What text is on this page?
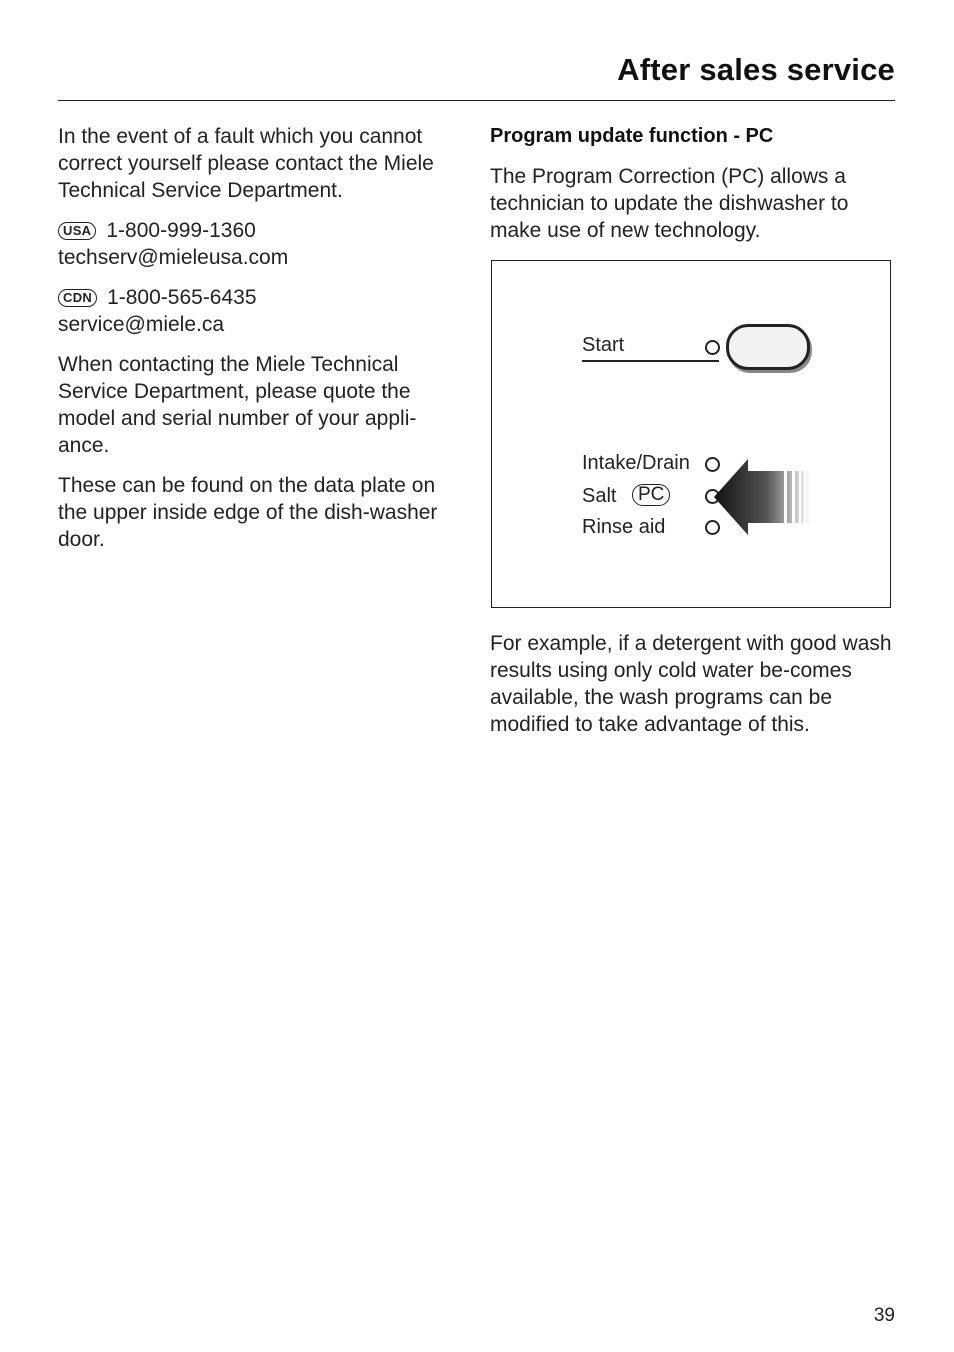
After sales service

In the event of a fault which you cannot correct yourself please contact the Miele Technical Service Department.

USA 1-800-999-1360

techserv@mieleusa.com

CDN 1-800-565-6435

service@miele.ca

When contacting the Miele Technical Service Department, please quote the model and serial number of your appli-ance.

These can be found on the data plate on the upper inside edge of the dish-washer door.

Program update function - PC

The Program Correction (PC) allows a technician to update the dishwasher to make use of new technology.

Start
Intake/Drain
Salt	PC
Rinse aid

For example, if a detergent with good wash results using only cold water be-comes available, the wash programs can be modified to take advantage of this.

39
